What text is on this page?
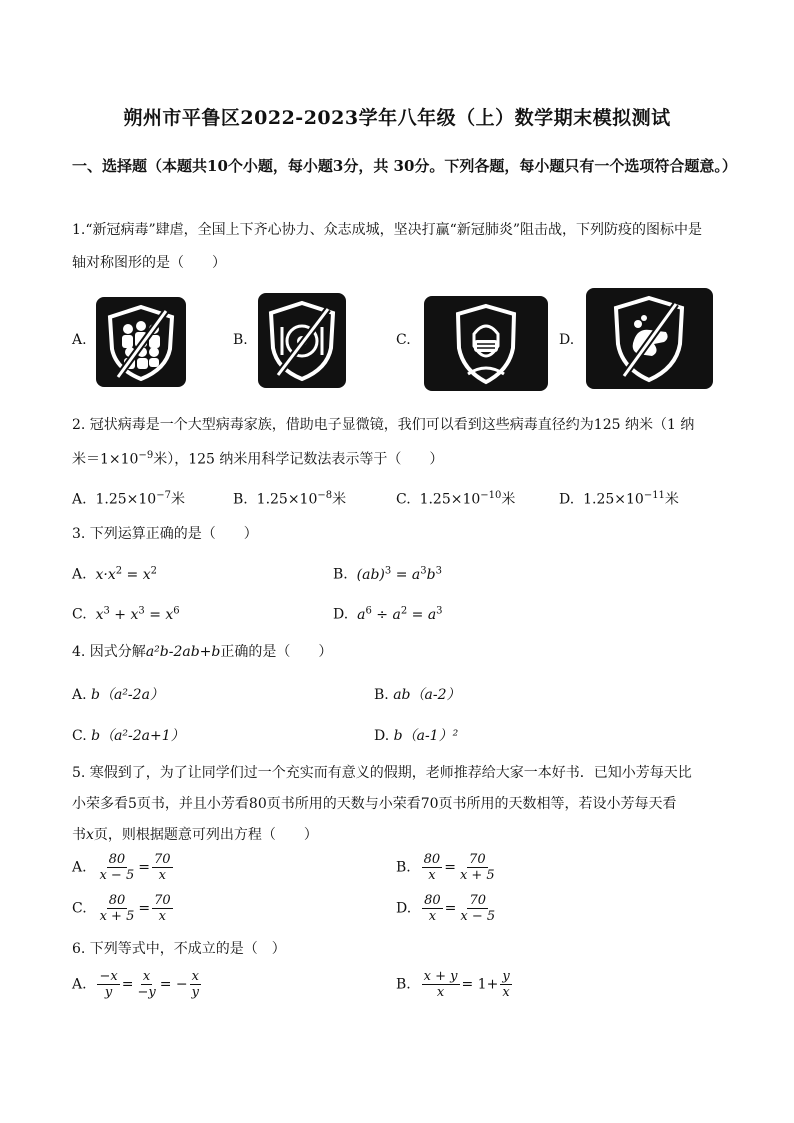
朔州市平鲁区2022-2023学年八年级（上）数学期末模拟测试
一、选择题（本题共10个小题，每小题3分，共 30分。下列各题，每小题只有一个选项符合题意。）
1.“新冠病毒”肆虐，全国上下齐心协力、众志成城，坚决打赢“新冠肺炎”阻击战，下列防疫的图标中是
轴对称图形的是（　　）
A.	B.	C.	D.
2. 冠状病毒是一个大型病毒家族，借助电子显微镜，我们可以看到这些病毒直径约为125 纳米（1 纳
米$=1\times 10^{-9}$米），125 纳米用科学记数法表示等于（　　）
A. $1.25\times 10^{-7}$米	B. $1.25\times 10^{-8}$米	C. $1.25\times 10^{-10}$米	D. $1.25\times 10^{-11}$米
3. 下列运算正确的是（　　）
A. $x\cdot x^2 = x^2$	B. $(ab)^3 = a^3b^3$
C. $x^3 + x^3 = x^6$	D. $a^6 \div a^2 = a^3$
4. 因式分解a²b-2ab+b正确的是（　　）
A. b（a²-2a）	B. ab（a-2）
C. b（a²-2a+1）	D. b（a-1）²
5. 寒假到了，为了让同学们过一个充实而有意义的假期，老师推荐给大家一本好书．已知小芳每天比
小荣多看5页书，并且小芳看80页书所用的天数与小荣看70页书所用的天数相等，若设小芳每天看
书x页，则根据题意可列出方程（　　）
A. $\frac{80}{x - 5} = \frac{70}{x}$	B. $\frac{80}{x} = \frac{70}{x + 5}$
C. $\frac{80}{x + 5} = \frac{70}{x}$	D. $\frac{80}{x} = \frac{70}{x - 5}$
6. 下列等式中，不成立的是（　）
A. $\frac{-x}{y} = \frac{x}{-y}$ = − $\frac{x}{y}$	B. $\frac{x + y}{x} = 1+ \frac{y}{x}$
